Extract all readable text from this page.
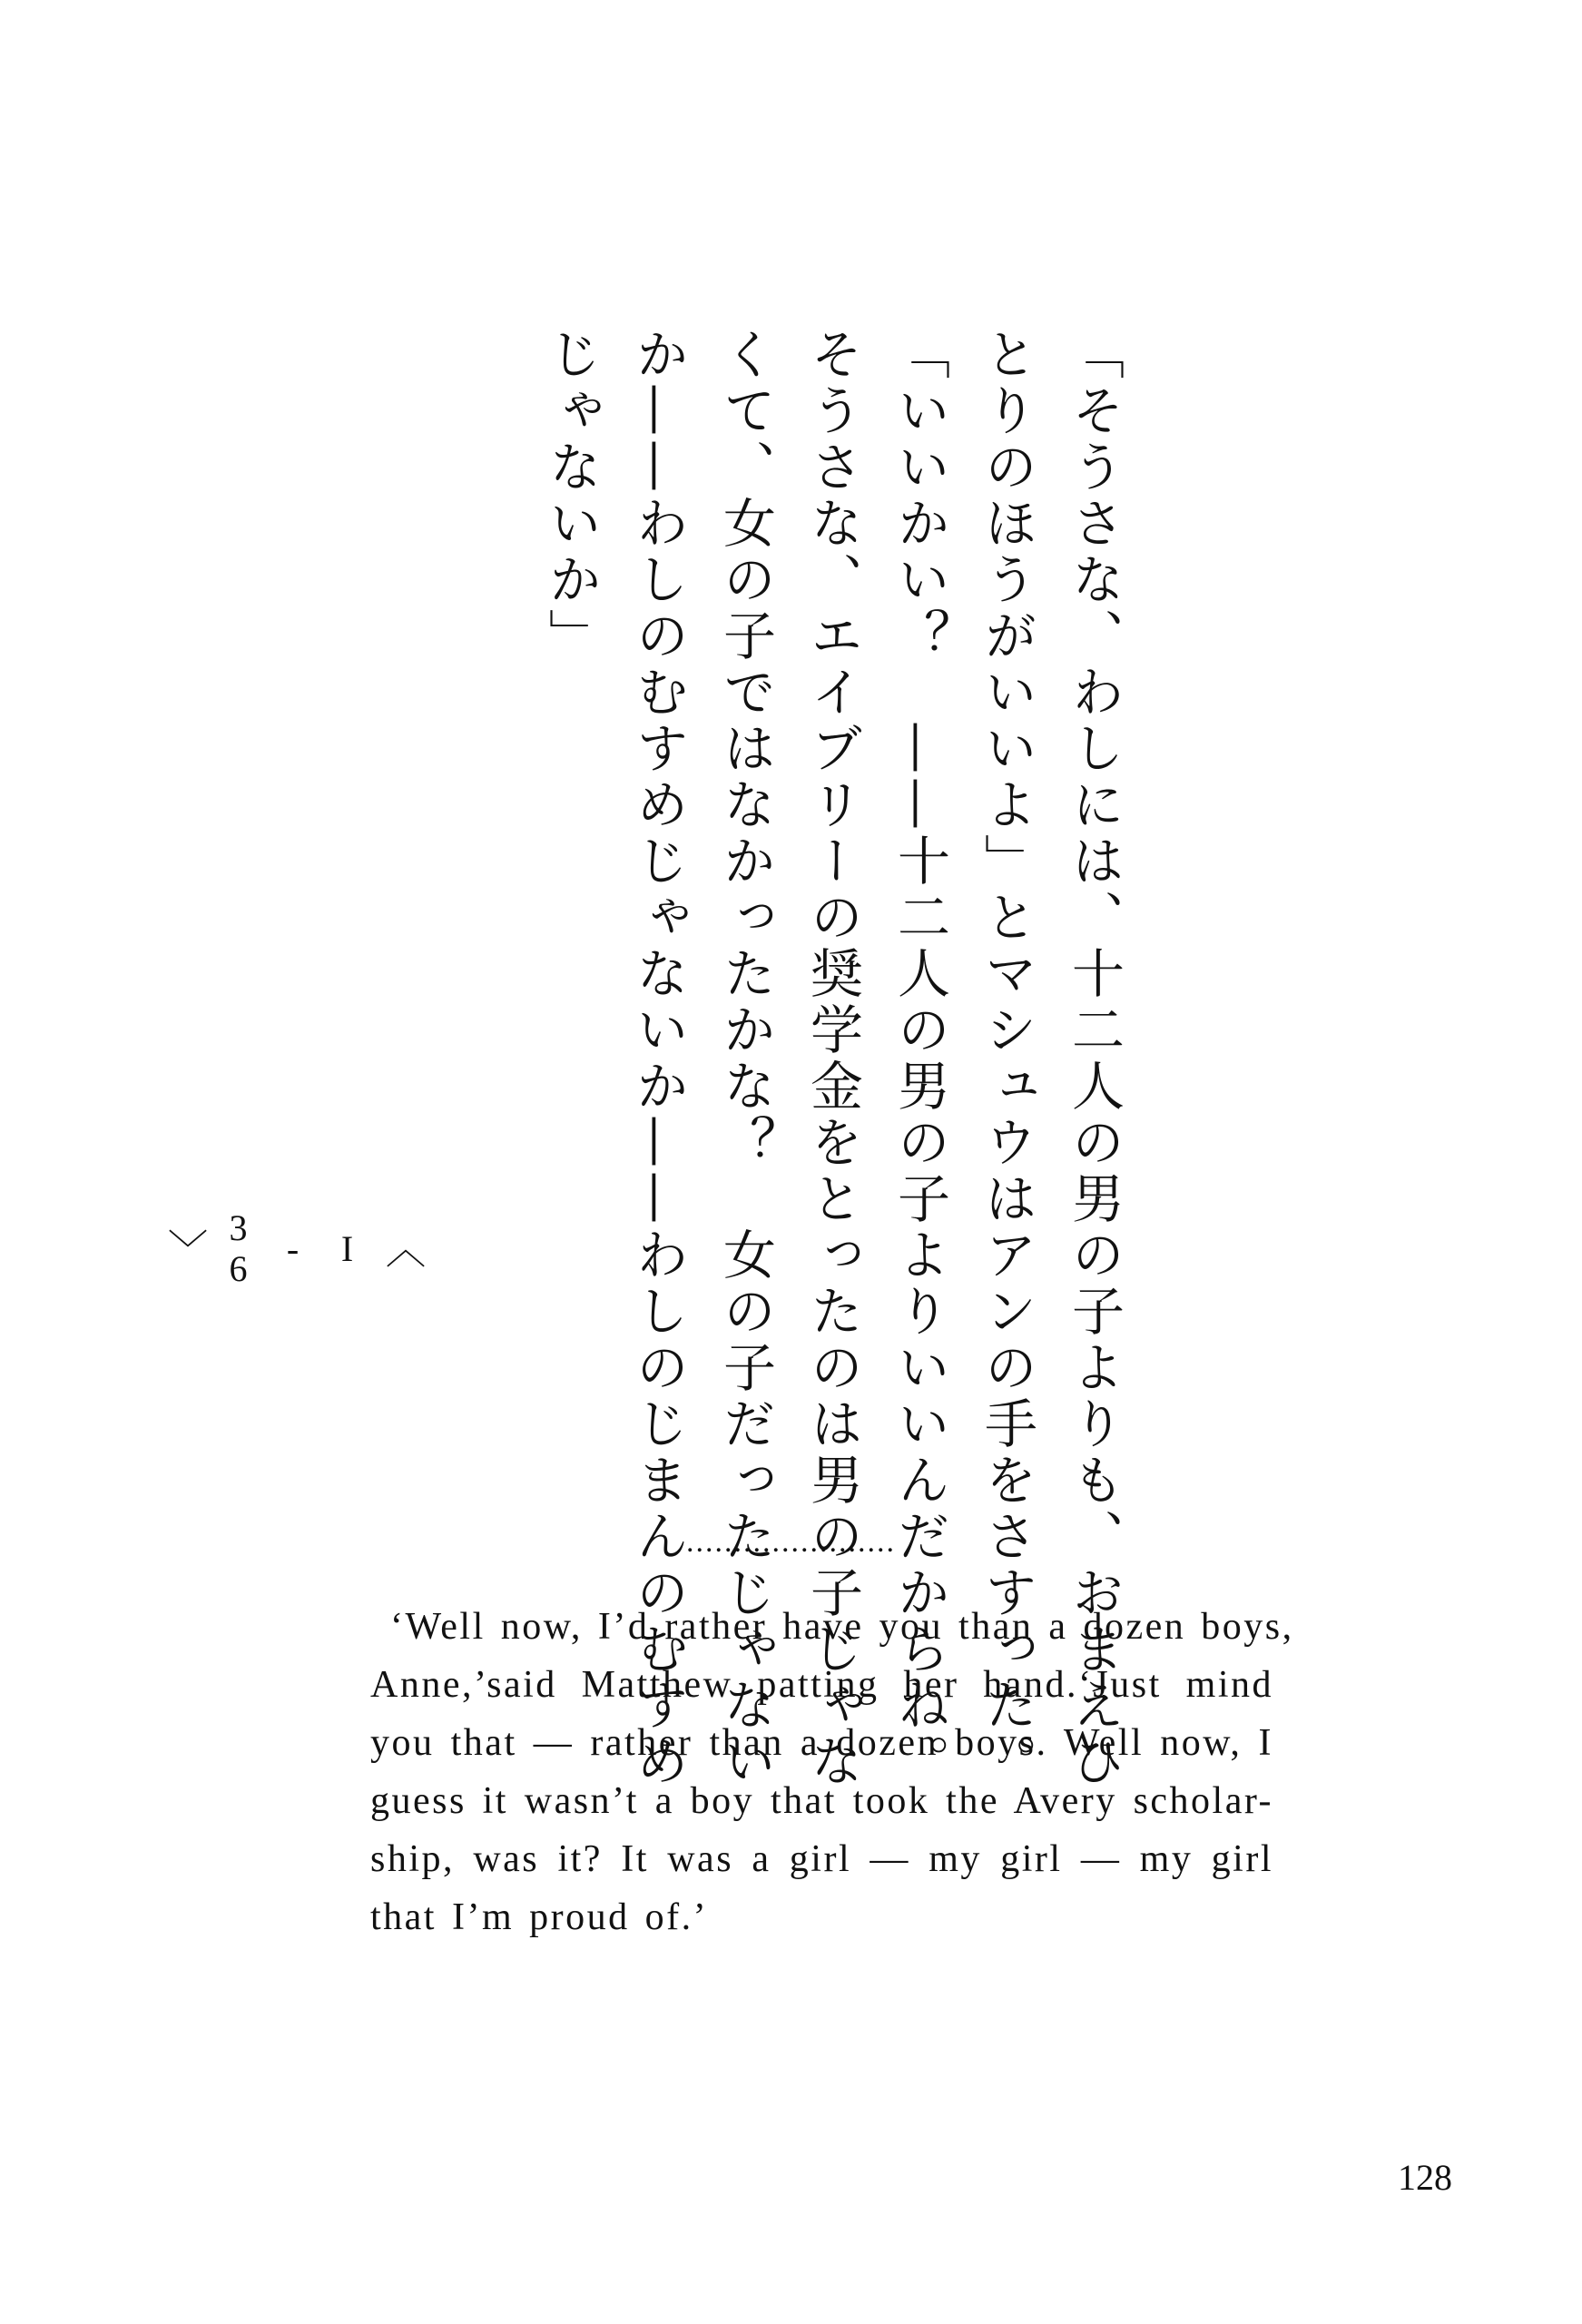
「そうさな、わしには、十二人の男の子よりも、おまえひ
とりのほうがいいよ」とマシュウはアンの手をさすった。
「いいかい？　——十二人の男の子よりいいんだからね。
そうさな、エイブリーの奨学金をとったのは男の子じゃな
くて、女の子ではなかったかな？　女の子だったじゃない
か——わしのむすめじゃないか——わしのじまんのむすめ
じゃないか」
〈
I
-
36
〉
......................
‘Well now, I’d rather have you than a dozen boys,
Anne,’said Matthew patting her hand.‘Just mind
you that — rather than a dozen boys. Well now, I
guess it wasn’t a boy that took the Avery scholar-
ship, was it? It was a girl — my girl — my girl
that I’m proud of.’
128
